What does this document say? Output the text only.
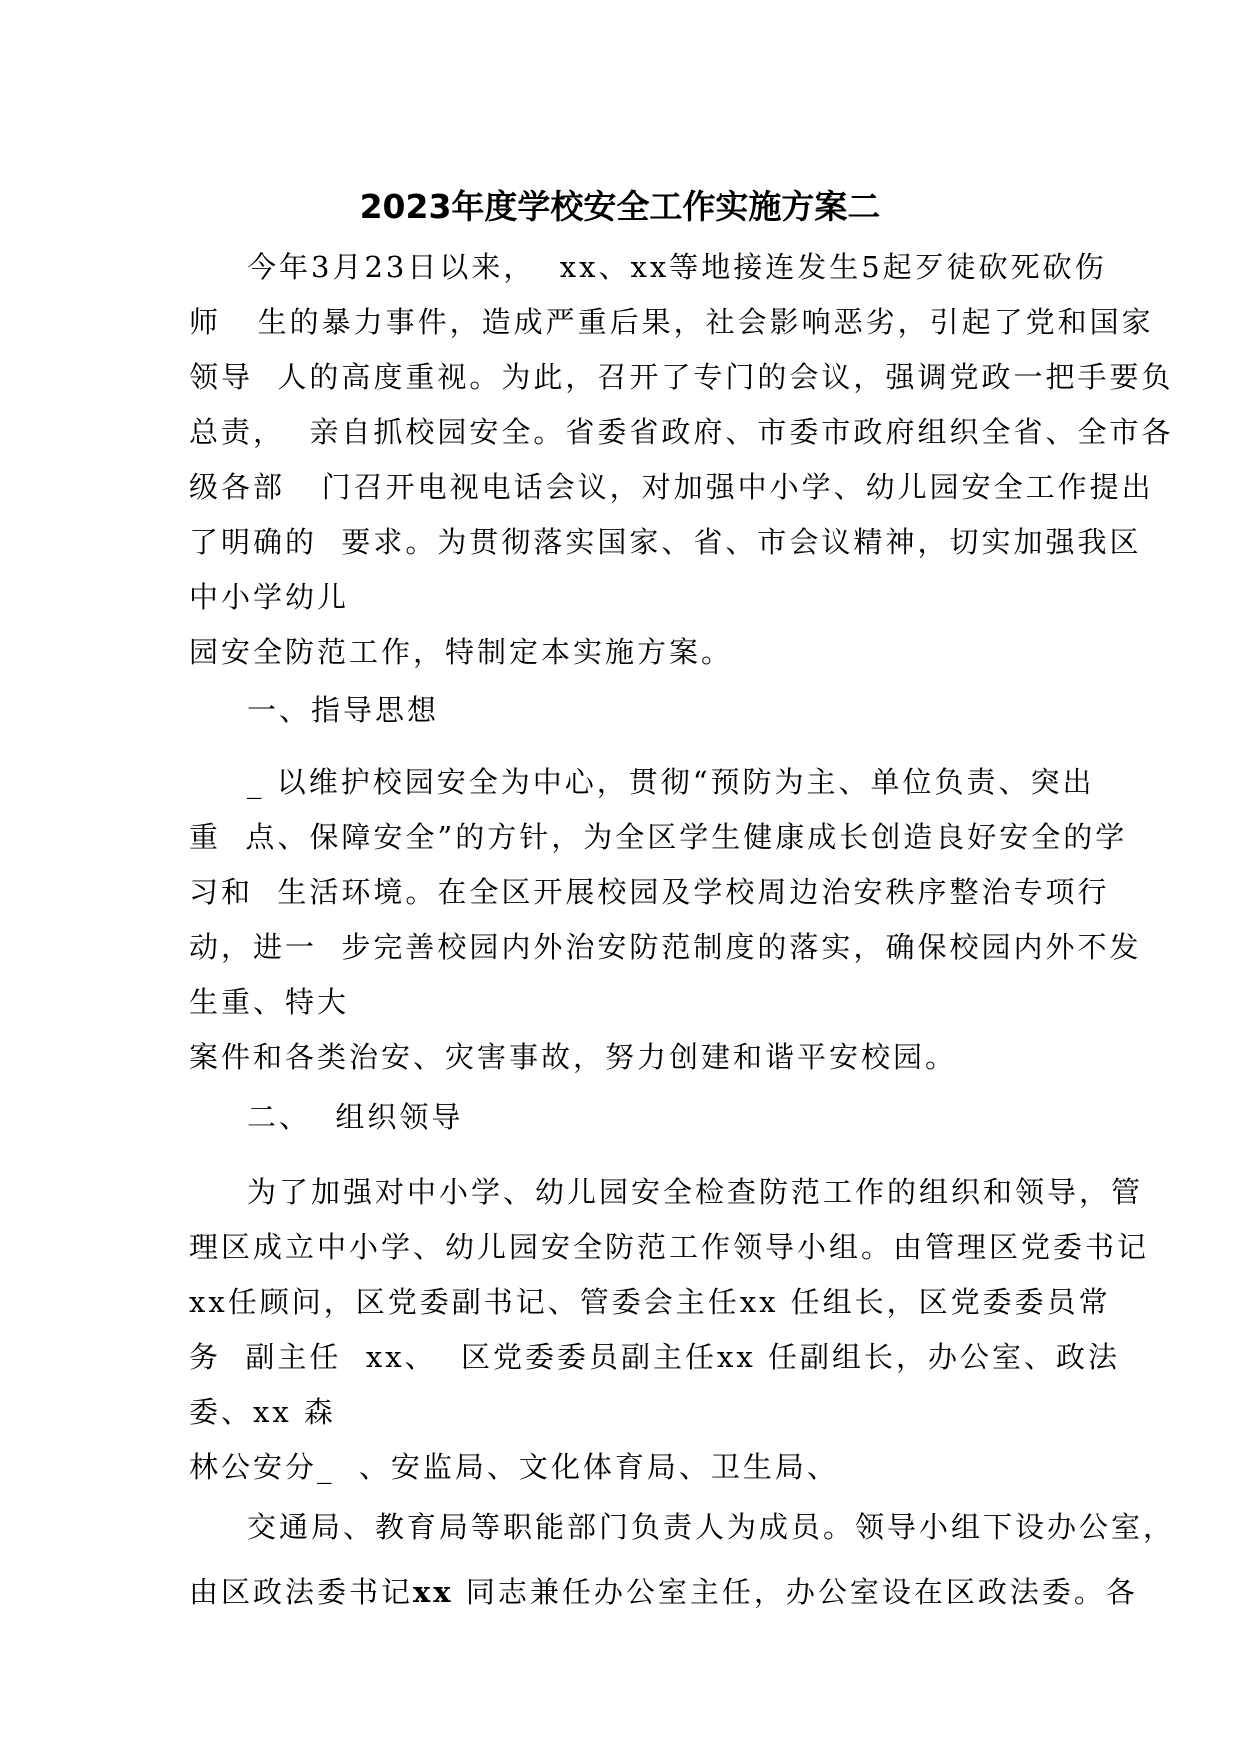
2023年度学校安全工作实施方案二
今年3月23日以来，  xx、xx等地接连发生5起歹徒砍死砍伤
师   生的暴力事件，造成严重后果，社会影响恶劣，引起了党和国家
领导  人的高度重视。为此，召开了专门的会议，强调党政一把手要负
总责，  亲自抓校园安全。省委省政府、市委市政府组织全省、全市各
级各部   门召开电视电话会议，对加强中小学、幼儿园安全工作提出
了明确的  要求。为贯彻落实国家、省、市会议精神，切实加强我区
中小学幼儿
园安全防范工作，特制定本实施方案。
一、指导思想
_ 以维护校园安全为中心，贯彻“预防为主、单位负责、突出
重  点、保障安全”的方针，为全区学生健康成长创造良好安全的学
习和  生活环境。在全区开展校园及学校周边治安秩序整治专项行
动，进一  步完善校园内外治安防范制度的落实，确保校园内外不发
生重、特大
案件和各类治安、灾害事故，努力创建和谐平安校园。
二、  组织领导
为了加强对中小学、幼儿园安全检查防范工作的组织和领导，管
理区成立中小学、幼儿园安全防范工作领导小组。由管理区党委书记
xx任顾问，区党委副书记、管委会主任xx 任组长，区党委委员常
务  副主任  xx、  区党委委员副主任xx 任副组长，办公室、政法
委、xx 森
林公安分_  、安监局、文化体育局、卫生局、
交通局、教育局等职能部门负责人为成员。领导小组下设办公室，
由区政法委书记xx 同志兼任办公室主任，办公室设在区政法委。各
